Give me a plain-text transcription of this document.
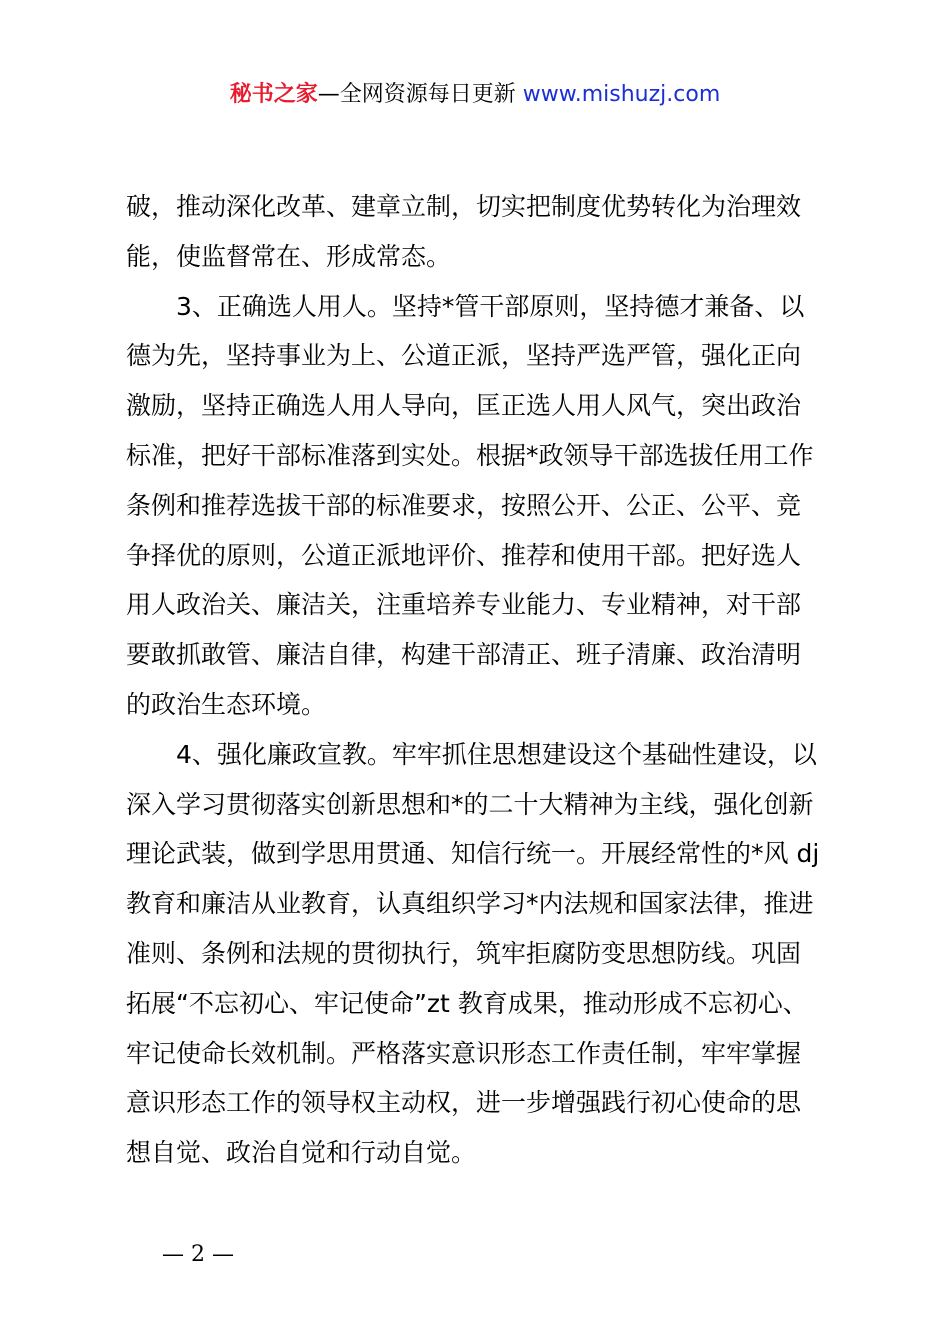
秘书之家—全网资源每日更新 www.mishuzj.com
破，推动深化改革、建章立制，切实把制度优势转化为治理效
能，使监督常在、形成常态。
3、正确选人用人。坚持*管干部原则，坚持德才兼备、以
德为先，坚持事业为上、公道正派，坚持严选严管，强化正向
激励，坚持正确选人用人导向，匡正选人用人风气，突出政治
标准，把好干部标准落到实处。根据*政领导干部选拔任用工作
条例和推荐选拔干部的标准要求，按照公开、公正、公平、竞
争择优的原则，公道正派地评价、推荐和使用干部。把好选人
用人政治关、廉洁关，注重培养专业能力、专业精神，对干部
要敢抓敢管、廉洁自律，构建干部清正、班子清廉、政治清明
的政治生态环境。
4、强化廉政宣教。牢牢抓住思想建设这个基础性建设，以
深入学习贯彻落实创新思想和*的二十大精神为主线，强化创新
理论武装，做到学思用贯通、知信行统一。开展经常性的*风 dj
教育和廉洁从业教育，认真组织学习*内法规和国家法律，推进
准则、条例和法规的贯彻执行，筑牢拒腐防变思想防线。巩固
拓展“不忘初心、牢记使命”zt 教育成果，推动形成不忘初心、
牢记使命长效机制。严格落实意识形态工作责任制，牢牢掌握
意识形态工作的领导权主动权，进一步增强践行初心使命的思
想自觉、政治自觉和行动自觉。
— 2 —
